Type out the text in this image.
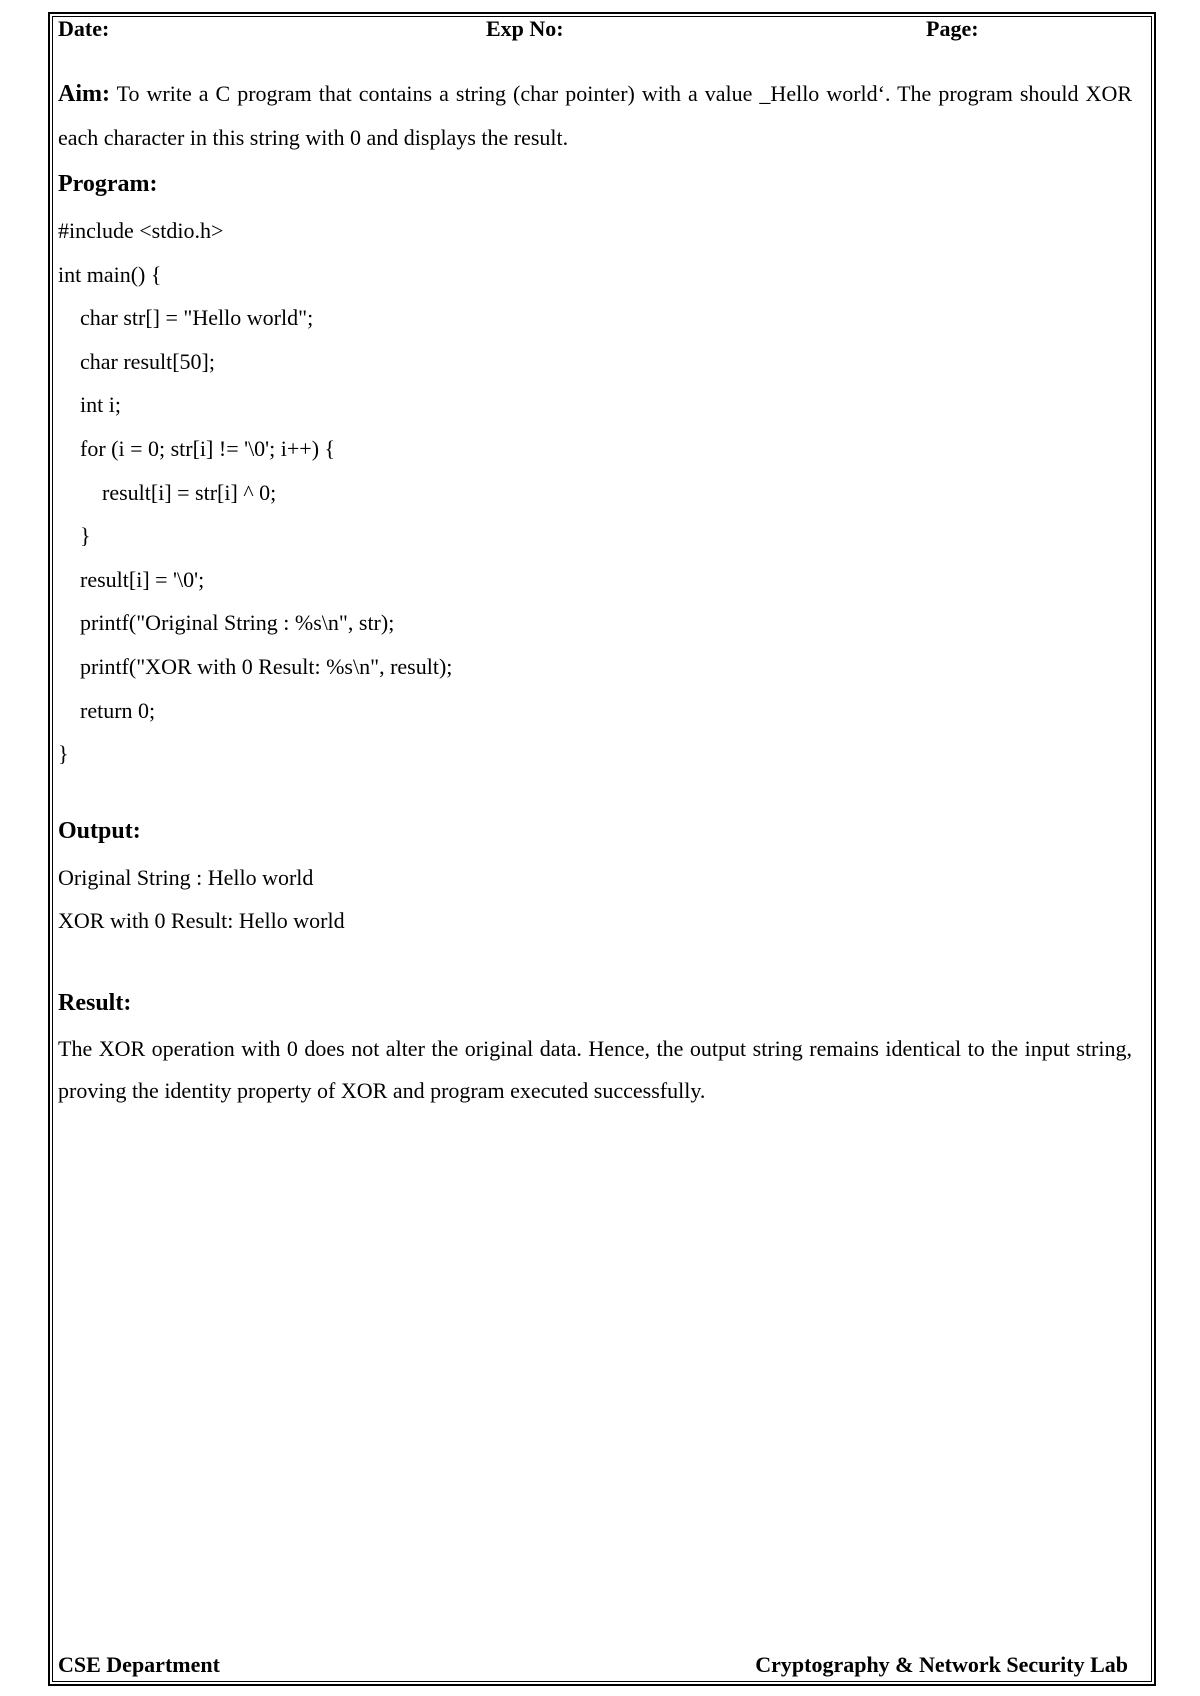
Date:	Exp No:	Page:

Aim: To write a C program that contains a string (char pointer) with a value _Hello world‘. The program should XOR each character in this string with 0 and displays the result.

Program:

#include <stdio.h>

int main() {

char str[] = "Hello world";

char result[50];

int i;

for (i = 0; str[i] != '\0'; i++) {

result[i] = str[i] ^ 0;

}

result[i] = '\0';

printf("Original String : %s\n", str);

printf("XOR with 0 Result: %s\n", result);

return 0;

}

Output:

Original String : Hello world

XOR with 0 Result: Hello world

Result:

The XOR operation with 0 does not alter the original data. Hence, the output string remains identical to the input string, proving the identity property of XOR and program executed successfully.

CSE Department	Cryptography & Network Security Lab
